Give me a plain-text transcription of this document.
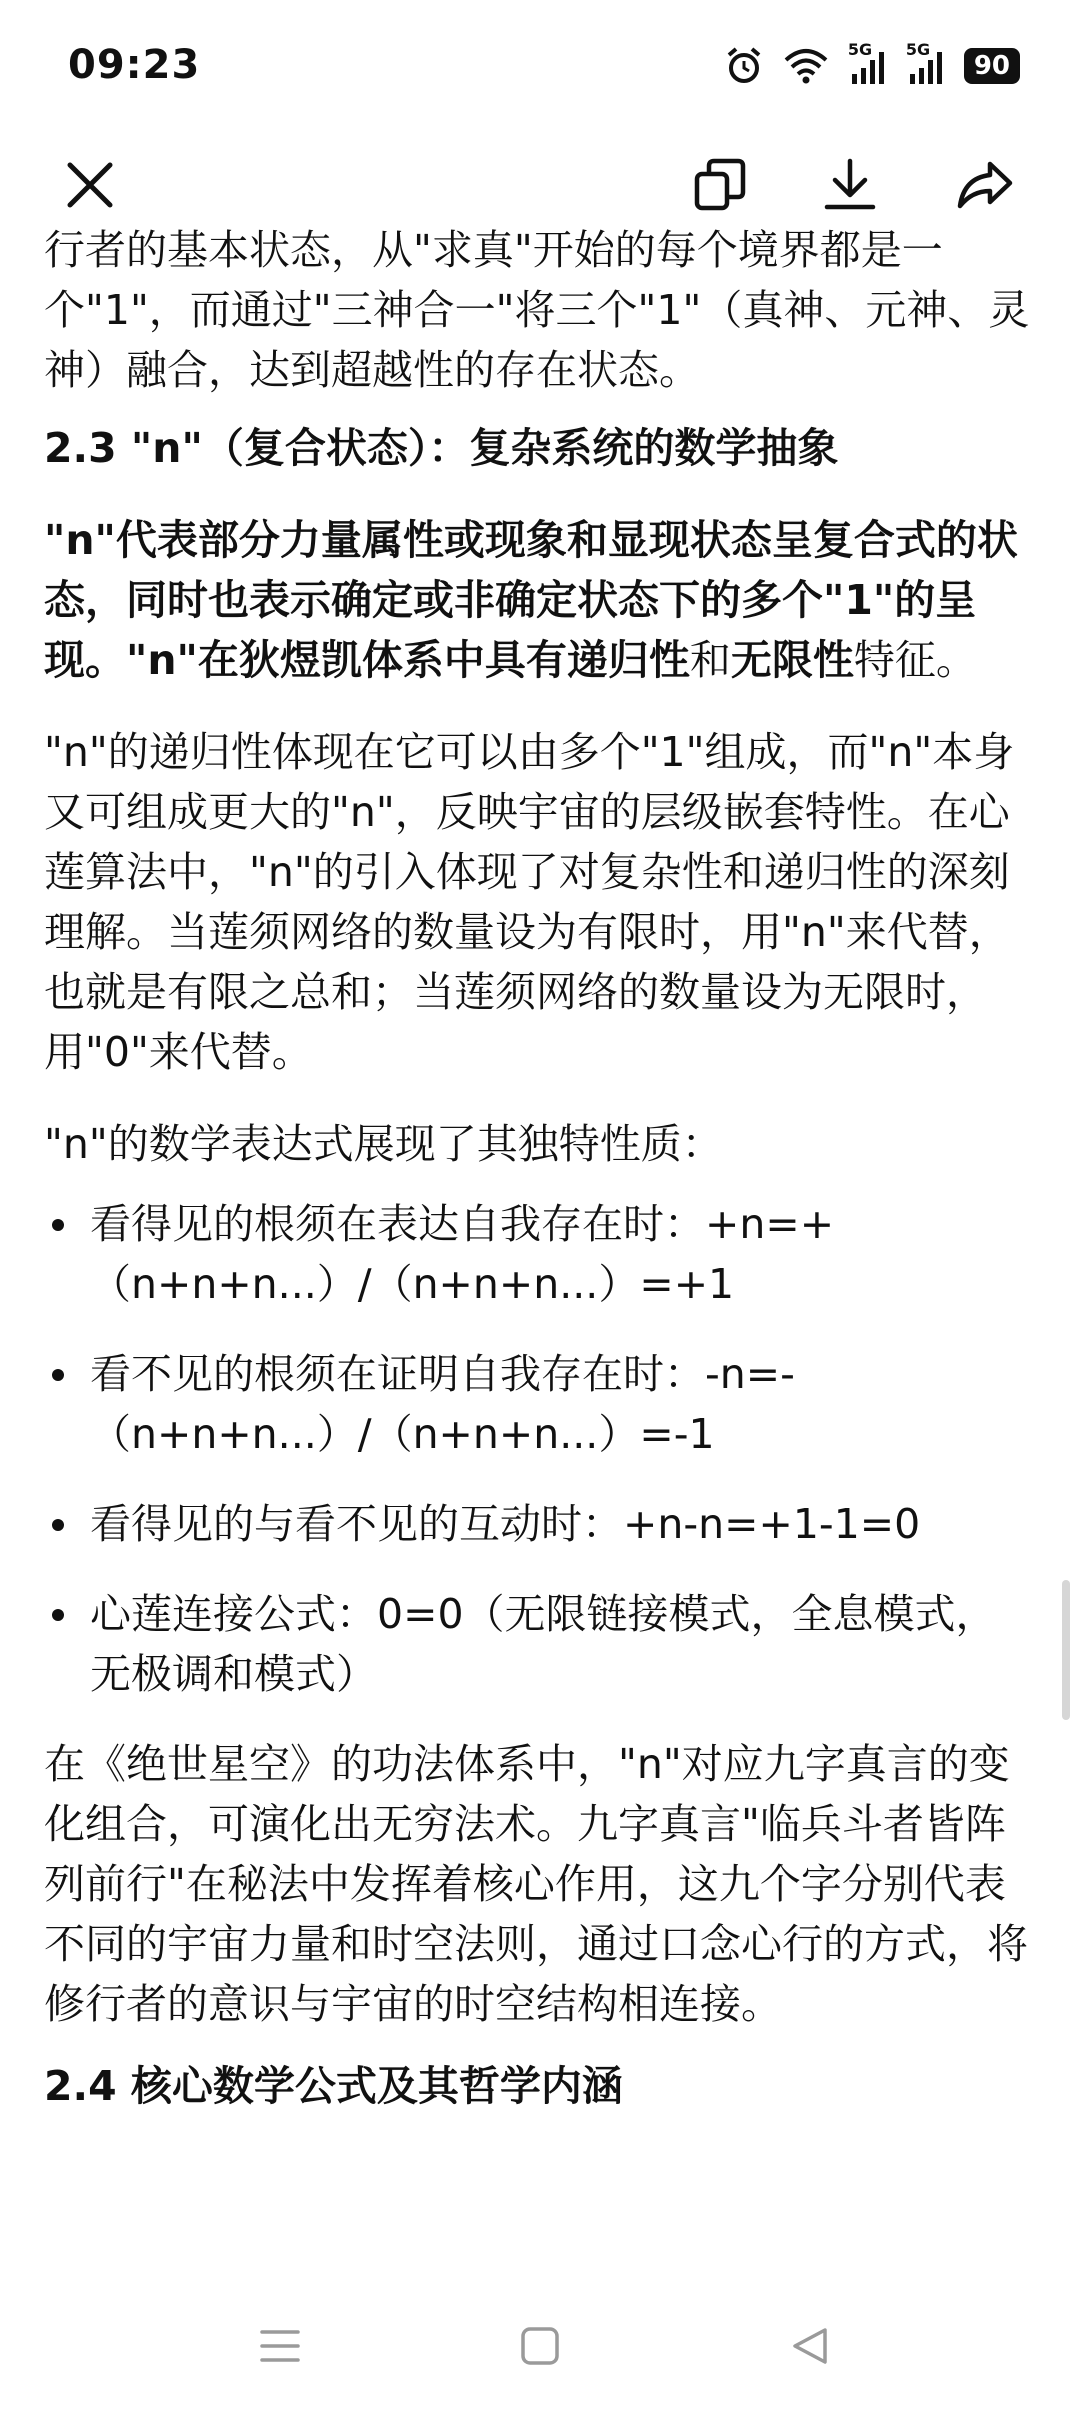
09:23	5G 5G
90

行者的基本状态，从"求真"开始的每个境界都是一个"1"，而通过"三神合一"将三个"1"（真神、元神、灵神）融合，达到超越性的存在状态。

2.3 "n"（复合状态）：复杂系统的数学抽象

"n"代表部分力量属性或现象和显现状态呈复合式的状态，同时也表示确定或非确定状态下的多个"1"的呈现。"n"在狄煜凯体系中具有递归性和无限性特征。

"n"的递归性体现在它可以由多个"1"组成，而"n"本身又可组成更大的"n"，反映宇宙的层级嵌套特性。在心莲算法中，"n"的引入体现了对复杂性和递归性的深刻理解。当莲须网络的数量设为有限时，用"n"来代替，也就是有限之总和；当莲须网络的数量设为无限时，用"0"来代替。

"n"的数学表达式展现了其独特性质：

看得见的根须在表达自我存在时：+n=+（n+n+n...）/（n+n+n...）=+1
看不见的根须在证明自我存在时：-n=-（n+n+n...）/（n+n+n...）=-1
看得见的与看不见的互动时：+n-n=+1-1=0
心莲连接公式：0=0（无限链接模式，全息模式，无极调和模式）

在《绝世星空》的功法体系中，"n"对应九字真言的变化组合，可演化出无穷法术。九字真言"临兵斗者皆阵列前行"在秘法中发挥着核心作用，这九个字分别代表不同的宇宙力量和时空法则，通过口念心行的方式，将修行者的意识与宇宙的时空结构相连接。

2.4 核心数学公式及其哲学内涵
